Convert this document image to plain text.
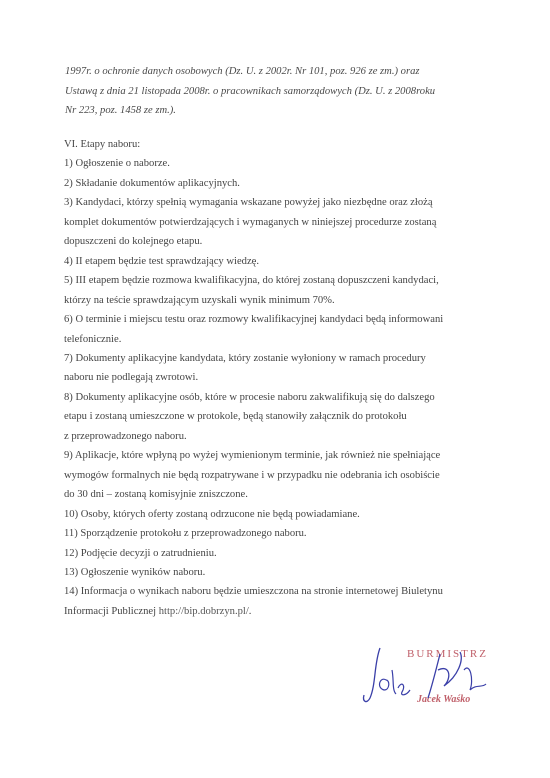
1997r. o ochronie danych osobowych (Dz. U. z 2002r. Nr 101, poz. 926 ze zm.) oraz
Ustawą z dnia 21 listopada 2008r. o pracownikach samorządowych (Dz. U. z 2008roku
Nr 223, poz. 1458 ze zm.).

VI. Etapy naboru:

1) Ogłoszenie o naborze.

2) Składanie dokumentów aplikacyjnych.

3) Kandydaci, którzy spełnią wymagania wskazane powyżej jako niezbędne oraz złożą

komplet dokumentów potwierdzających i wymaganych w niniejszej procedurze zostaną

dopuszczeni do kolejnego etapu.

4) II etapem będzie test sprawdzający wiedzę.

5) III etapem będzie rozmowa kwalifikacyjna, do której zostaną dopuszczeni kandydaci,

którzy na teście sprawdzającym uzyskali wynik minimum 70%.

6) O terminie i miejscu testu oraz rozmowy kwalifikacyjnej kandydaci będą informowani

telefonicznie.

7) Dokumenty aplikacyjne kandydata, który zostanie wyłoniony w ramach procedury

naboru nie podlegają zwrotowi.

8) Dokumenty aplikacyjne osób, które w procesie naboru zakwalifikują się do dalszego

etapu i zostaną umieszczone w protokole, będą stanowiły załącznik do protokołu

z przeprowadzonego naboru.

9) Aplikacje, które wpłyną po wyżej wymienionym terminie, jak również nie spełniające

wymogów formalnych nie będą rozpatrywane i w przypadku nie odebrania ich osobiście

do 30 dni – zostaną komisyjnie zniszczone.

10) Osoby, których oferty zostaną odrzucone nie będą powiadamiane.

11) Sporządzenie protokołu z przeprowadzonego naboru.

12) Podjęcie decyzji o zatrudnieniu.

13) Ogłoszenie wyników naboru.

14) Informacja o wynikach naboru będzie umieszczona na stronie internetowej Biuletynu

Informacji Publicznej http://bip.dobrzyn.pl/.

BURMISTRZ
Jacek Waśko
